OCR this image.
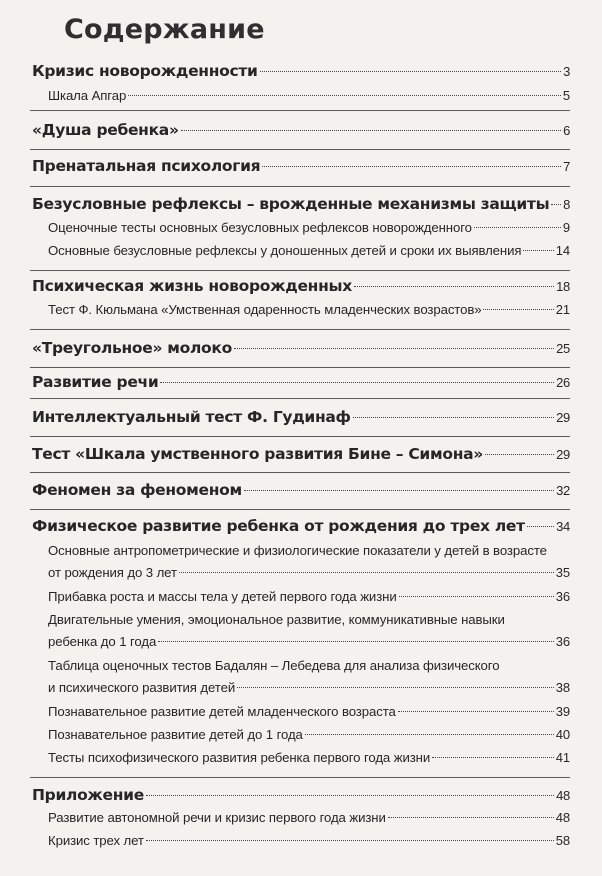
Содержание
Кризис новорожденности	3
Шкала Апгар	5
«Душа ребенка»	6
Пренатальная психология	7
Безусловные рефлексы – врожденные механизмы защиты 8
Оценочные тесты основных безусловных рефлексов новорожденного	9
Основные безусловные рефлексы у доношенных детей и сроки их выявления	14
Психическая жизнь новорожденных	18
Тест Ф. Кюльмана «Умственная одаренность младенческих возрастов»	21
«Треугольное» молоко	25
Развитие речи	26
Интеллектуальный тест Ф. Гудинаф	29
Тест «Шкала умственного развития Бине – Симона»	29
Феномен за феноменом	32
Физическое развитие ребенка от рождения до трех лет 34
Основные антропометрические и физиологические показатели у детей в возрасте
от рождения до 3 лет	35
Прибавка роста и массы тела у детей первого года жизни	36
Двигательные умения, эмоциональное развитие, коммуникативные навыки
ребенка до 1 года	36
Таблица оценочных тестов Бадалян – Лебедева для анализа физического
и психического развития детей	38
Познавательное развитие детей младенческого возраста	39
Познавательное развитие детей до 1 года	40
Тесты психофизического развития ребенка первого года жизни	41
Приложение	48
Развитие автономной речи и кризис первого года жизни	48
Кризис трех лет	58
